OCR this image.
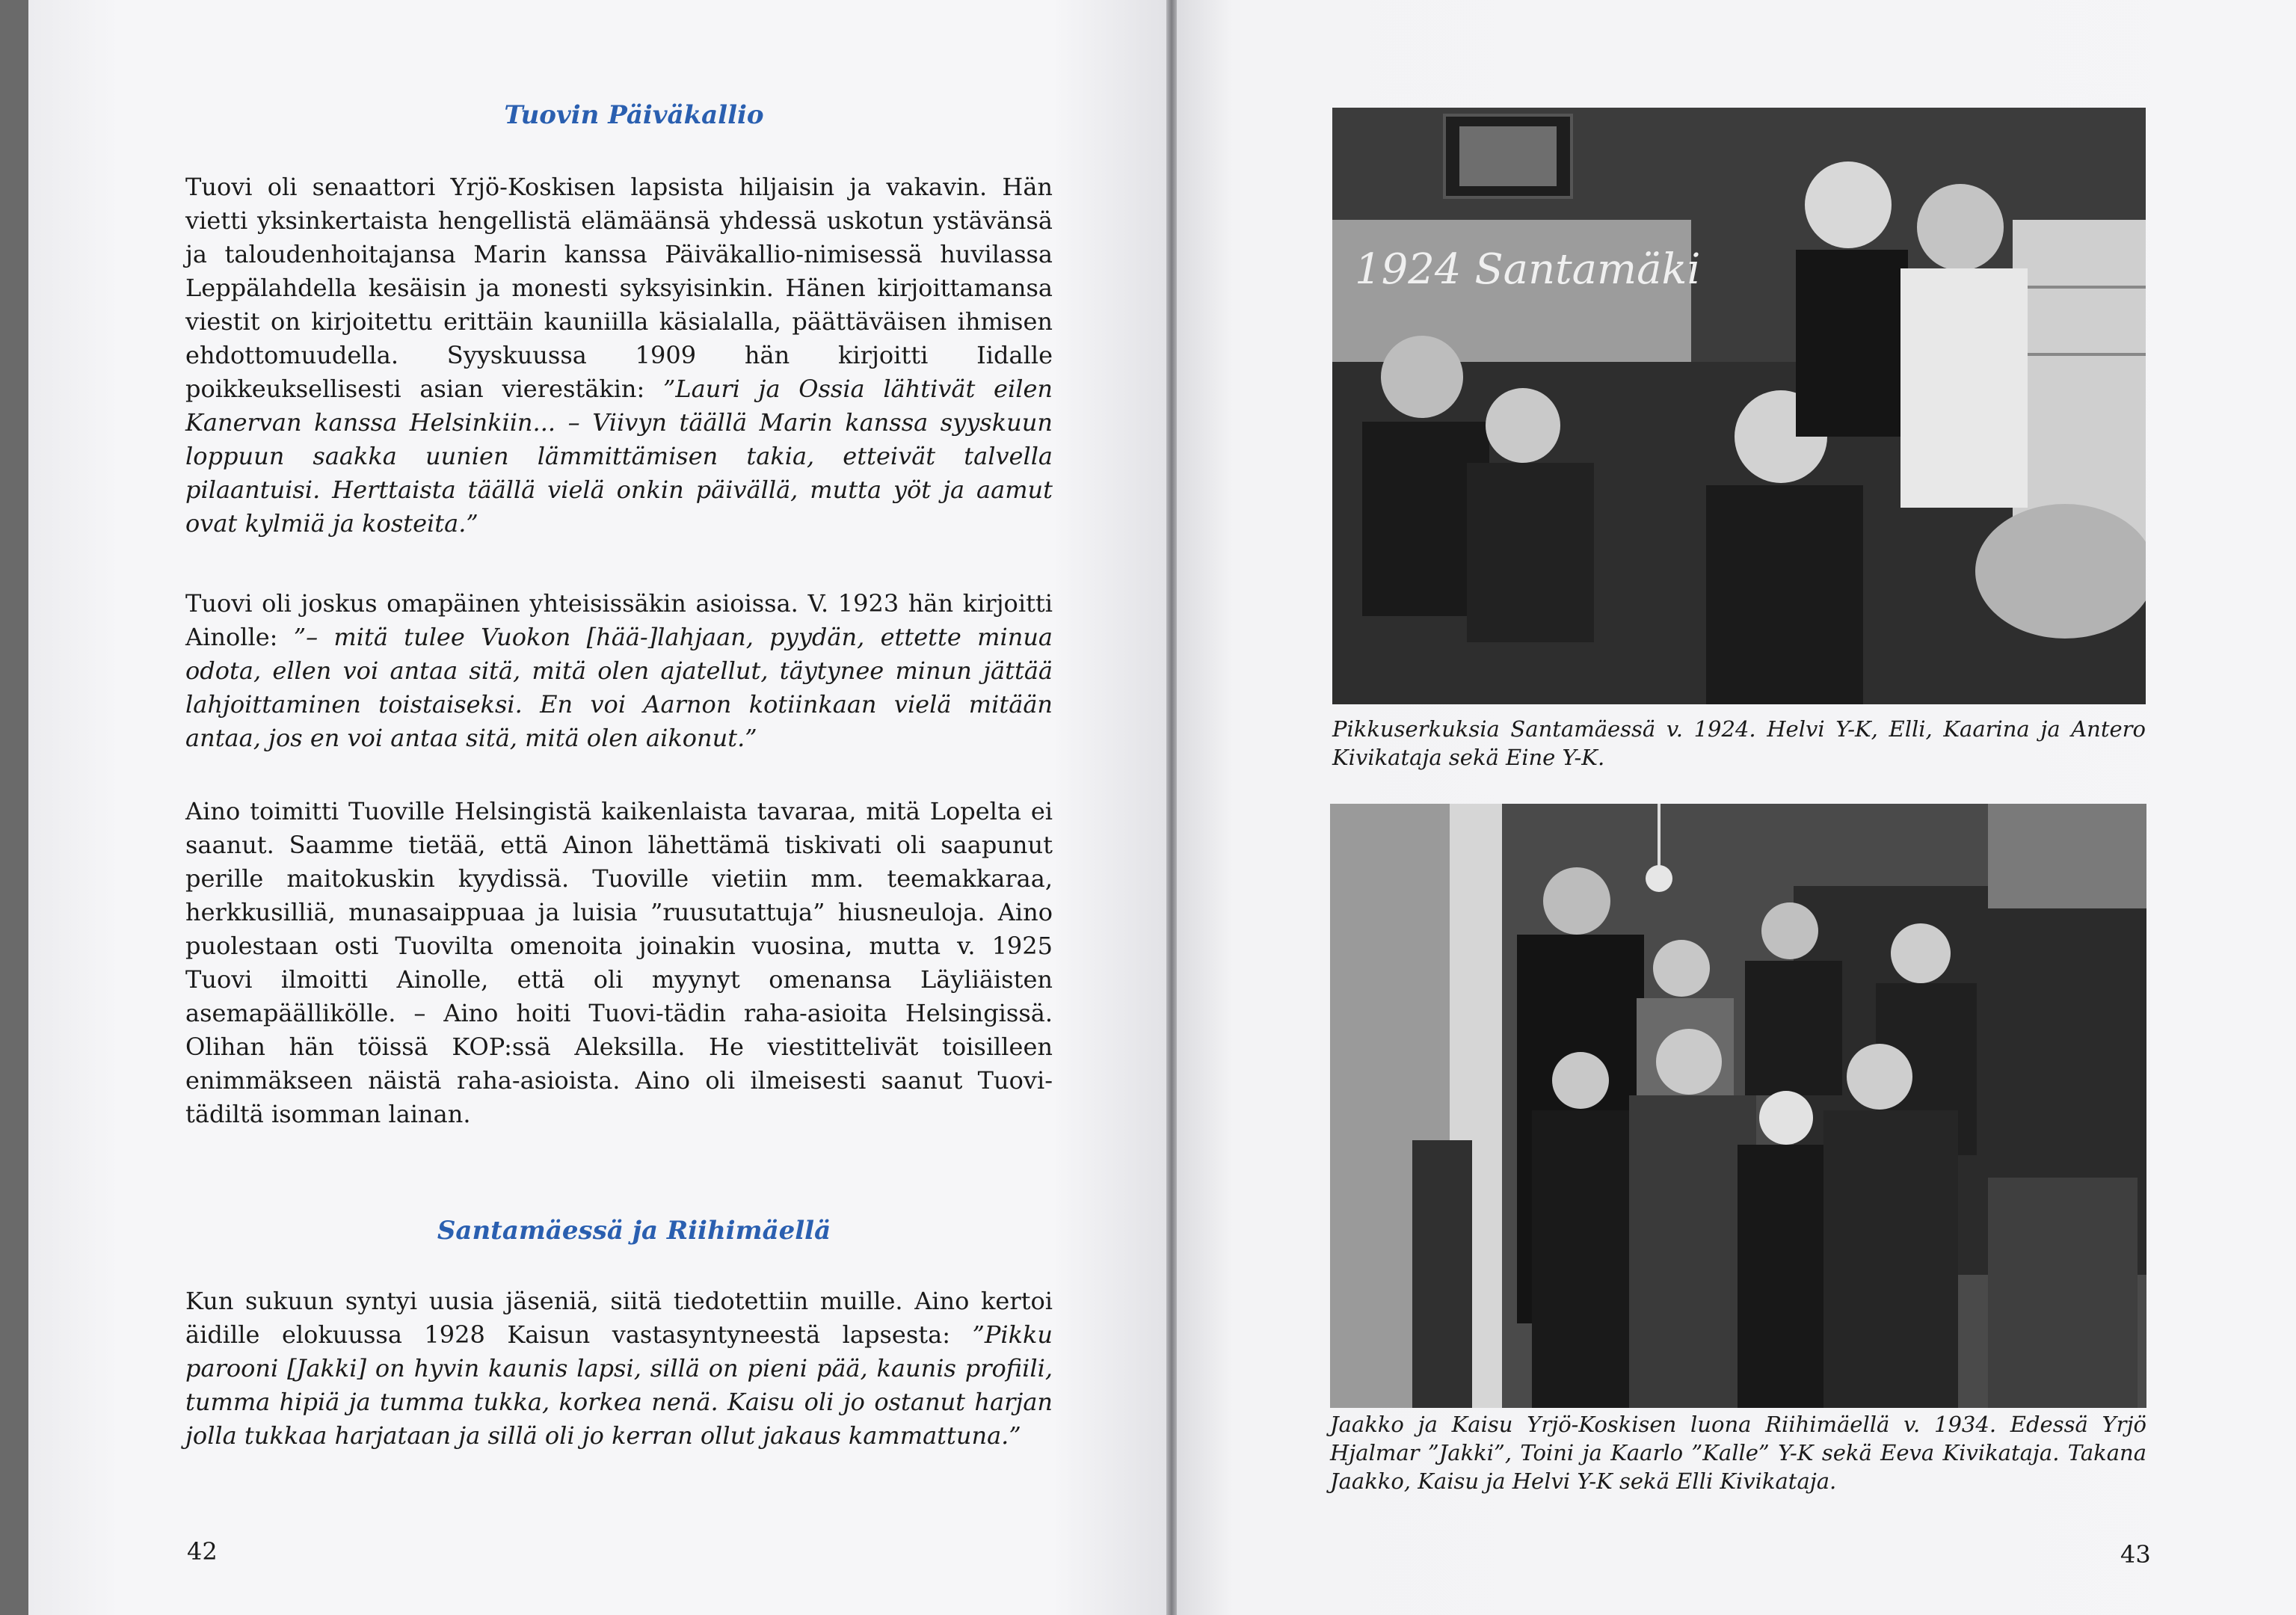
Tuovin Päiväkallio

Tuovi oli senaattori Yrjö-Koskisen lapsista hiljaisin ja vakavin. Hän vietti yksinkertaista hengellistä elämäänsä yhdessä uskotun ystävänsä ja taloudenhoitajansa Marin kanssa Päiväkallio-nimisessä huvilassa Leppälahdella kesäisin ja monesti syksyisinkin. Hänen kirjoittamansa viestit on kirjoitettu erittäin kauniilla käsialalla, päättäväisen ihmisen ehdottomuudella. Syyskuussa 1909 hän kirjoitti Iidalle poikkeuksellisesti asian vierestäkin: ”Lauri ja Ossia lähtivät eilen Kanervan kanssa Helsinkiin... – Viivyn täällä Marin kanssa syyskuun loppuun saakka uunien lämmittämisen takia, etteivät talvella pilaantuisi. Herttaista täällä vielä onkin päivällä, mutta yöt ja aamut ovat kylmiä ja kosteita.”

Tuovi oli joskus omapäinen yhteisissäkin asioissa. V. 1923 hän kirjoitti Ainolle: ”– mitä tulee Vuokon [hää-]lahjaan, pyydän, ettette minua odota, ellen voi antaa sitä, mitä olen ajatellut, täytynee minun jättää lahjoittaminen toistaiseksi. En voi Aarnon kotiinkaan vielä mitään antaa, jos en voi antaa sitä, mitä olen aikonut.”

Aino toimitti Tuoville Helsingistä kaikenlaista tavaraa, mitä Lopelta ei saanut. Saamme tietää, että Ainon lähettämä tiskivati oli saapunut perille maitokuskin kyydissä. Tuoville vietiin mm. teemakkaraa, herkkusilliä, munasaippuaa ja luisia ”ruusutattuja” hiusneuloja. Aino puolestaan osti Tuovilta omenoita joinakin vuosina, mutta v. 1925 Tuovi ilmoitti Ainolle, että oli myynyt omenansa Läyliäisten asemapäällikölle. – Aino hoiti Tuovi-tädin raha-asioita Helsingissä. Olihan hän töissä KOP:ssä Aleksilla. He viestittelivät toisilleen enimmäkseen näistä raha-asioista. Aino oli ilmeisesti saanut Tuovi-tädiltä isomman lainan.

Santamäessä ja Riihimäellä

Kun sukuun syntyi uusia jäseniä, siitä tiedotettiin muille. Aino kertoi äidille elokuussa 1928 Kaisun vastasyntyneestä lapsesta: ”Pikku parooni [Jakki] on hyvin kaunis lapsi, sillä on pieni pää, kaunis profiili, tumma hipiä ja tumma tukka, korkea nenä. Kaisu oli jo ostanut harjan jolla tukkaa harjataan ja sillä oli jo kerran ollut jakaus kammattuna.”

42
1924 Santamäki

Pikkuserkuksia Santamäessä v. 1924. Helvi Y-K, Elli, Kaarina ja Antero Kivikataja sekä Eine Y-K.

Jaakko ja Kaisu Yrjö-Koskisen luona Riihimäellä v. 1934. Edessä Yrjö Hjalmar ”Jakki”, Toini ja Kaarlo ”Kalle” Y-K sekä Eeva Kivikataja. Takana Jaakko, Kaisu ja Helvi Y-K sekä Elli Kivikataja.

43
